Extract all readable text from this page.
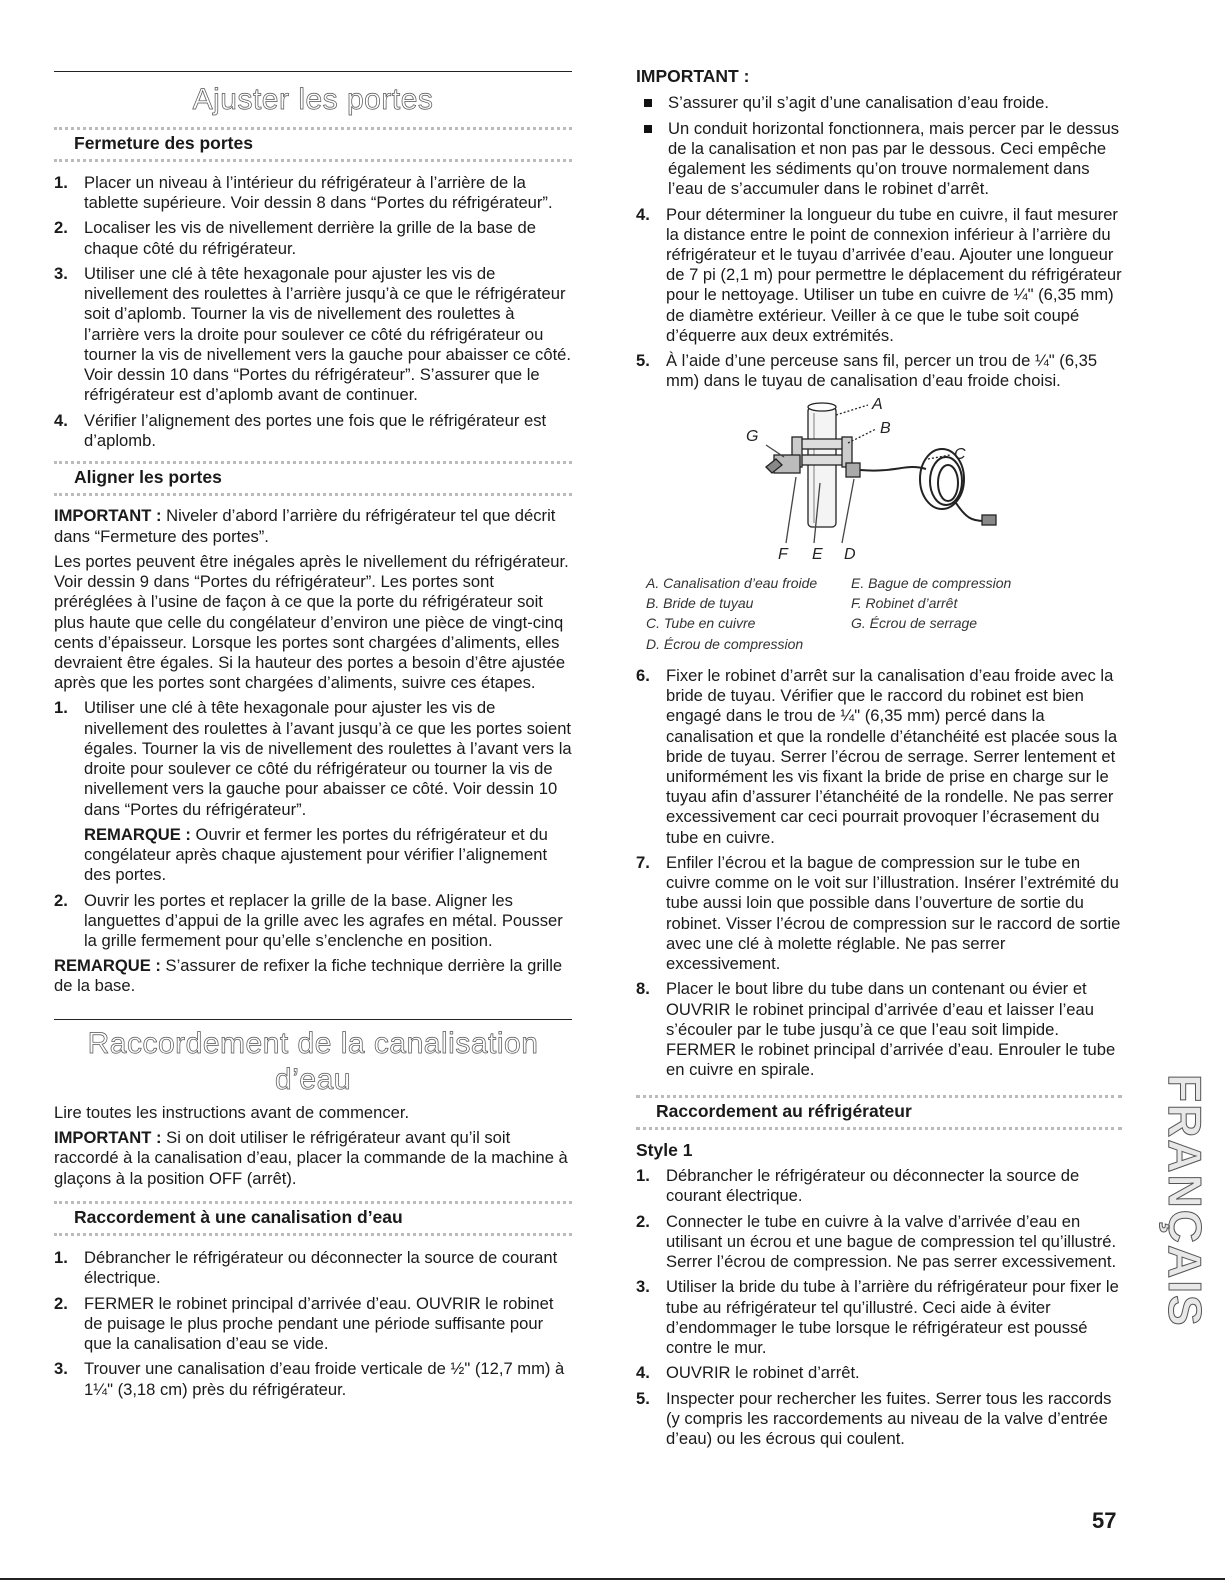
Ajuster les portes
Fermeture des portes
1. Placer un niveau à l’intérieur du réfrigérateur à l’arrière de la tablette supérieure. Voir dessin 8 dans “Portes du réfrigérateur”.
2. Localiser les vis de nivellement derrière la grille de la base de chaque côté du réfrigérateur.
3. Utiliser une clé à tête hexagonale pour ajuster les vis de nivellement des roulettes à l’arrière jusqu’à ce que le réfrigérateur soit d’aplomb. Tourner la vis de nivellement des roulettes à l’arrière vers la droite pour soulever ce côté du réfrigérateur ou tourner la vis de nivellement vers la gauche pour abaisser ce côté. Voir dessin 10 dans “Portes du réfrigérateur”. S’assurer que le réfrigérateur est d’aplomb avant de continuer.
4. Vérifier l’alignement des portes une fois que le réfrigérateur est d’aplomb.
Aligner les portes

IMPORTANT : Niveler d’abord l’arrière du réfrigérateur tel que décrit dans “Fermeture des portes”.

Les portes peuvent être inégales après le nivellement du réfrigérateur. Voir dessin 9 dans “Portes du réfrigérateur”. Les portes sont préréglées à l’usine de façon à ce que la porte du réfrigérateur soit plus haute que celle du congélateur d’environ une pièce de vingt-cinq cents d’épaisseur. Lorsque les portes sont chargées d’aliments, elles devraient être égales. Si la hauteur des portes a besoin d’être ajustée après que les portes sont chargées d’aliments, suivre ces étapes.

1. Utiliser une clé à tête hexagonale pour ajuster les vis de nivellement des roulettes à l’avant jusqu’à ce que les portes soient égales. Tourner la vis de nivellement des roulettes à l’avant vers la droite pour soulever ce côté du réfrigérateur ou tourner la vis de nivellement vers la gauche pour abaisser ce côté. Voir dessin 10 dans “Portes du réfrigérateur”.

REMARQUE : Ouvrir et fermer les portes du réfrigérateur et du congélateur après chaque ajustement pour vérifier l’alignement des portes.

2. Ouvrir les portes et replacer la grille de la base. Aligner les languettes d’appui de la grille avec les agrafes en métal. Pousser la grille fermement pour qu’elle s’enclenche en position.

REMARQUE : S’assurer de refixer la fiche technique derrière la grille de la base.

Raccordement de la canalisation d’eau

Lire toutes les instructions avant de commencer.

IMPORTANT : Si on doit utiliser le réfrigérateur avant qu’il soit raccordé à la canalisation d’eau, placer la commande de la machine à glaçons à la position OFF (arrêt).

Raccordement à une canalisation d’eau
1. Débrancher le réfrigérateur ou déconnecter la source de courant électrique.
2. FERMER le robinet principal d’arrivée d’eau. OUVRIR le robinet de puisage le plus proche pendant une période suffisante pour que la canalisation d’eau se vide.
3. Trouver une canalisation d’eau froide verticale de ½" (12,7 mm) à 1¼" (3,18 cm) près du réfrigérateur.

IMPORTANT :

S’assurer qu’il s’agit d’une canalisation d’eau froide.
Un conduit horizontal fonctionnera, mais percer par le dessus de la canalisation et non pas par le dessous. Ceci empêche également les sédiments qu’on trouve normalement dans l’eau de s’accumuler dans le robinet d’arrêt.
4. Pour déterminer la longueur du tube en cuivre, il faut mesurer la distance entre le point de connexion inférieur à l’arrière du réfrigérateur et le tuyau d’arrivée d’eau. Ajouter une longueur de 7 pi (2,1 m) pour permettre le déplacement du réfrigérateur pour le nettoyage. Utiliser un tube en cuivre de ¼" (6,35 mm) de diamètre extérieur. Veiller à ce que le tube soit coupé d’équerre aux deux extrémités.
5. À l’aide d’une perceuse sans fil, percer un trou de ¼" (6,35 mm) dans le tuyau de canalisation d’eau froide choisi.
A
B
C
D
E
F
G
A. Canalisation d’eau froide	E. Bague de compression
B. Bride de tuyau	F. Robinet d’arrêt
C. Tube en cuivre	G. Écrou de serrage
D. Écrou de compression
6. Fixer le robinet d’arrêt sur la canalisation d’eau froide avec la bride de tuyau. Vérifier que le raccord du robinet est bien engagé dans le trou de ¼" (6,35 mm) percé dans la canalisation et que la rondelle d’étanchéité est placée sous la bride de tuyau. Serrer l’écrou de serrage. Serrer lentement et uniformément les vis fixant la bride de prise en charge sur le tuyau afin d’assurer l’étanchéité de la rondelle. Ne pas serrer excessivement car ceci pourrait provoquer l’écrasement du tube en cuivre.
7. Enfiler l’écrou et la bague de compression sur le tube en cuivre comme on le voit sur l’illustration. Insérer l’extrémité du tube aussi loin que possible dans l’ouverture de sortie du robinet. Visser l’écrou de compression sur le raccord de sortie avec une clé à molette réglable. Ne pas serrer excessivement.
8. Placer le bout libre du tube dans un contenant ou évier et OUVRIR le robinet principal d’arrivée d’eau et laisser l’eau s’écouler par le tube jusqu’à ce que l’eau soit limpide. FERMER le robinet principal d’arrivée d’eau. Enrouler le tube en cuivre en spirale.
Raccordement au réfrigérateur

Style 1

1. Débrancher le réfrigérateur ou déconnecter la source de courant électrique.
2. Connecter le tube en cuivre à la valve d’arrivée d’eau en utilisant un écrou et une bague de compression tel qu’illustré. Serrer l’écrou de compression. Ne pas serrer excessivement.
3. Utiliser la bride du tube à l’arrière du réfrigérateur pour fixer le tube au réfrigérateur tel qu’illustré. Ceci aide à éviter d’endommager le tube lorsque le réfrigérateur est poussé contre le mur.
4. OUVRIR le robinet d’arrêt.
5. Inspecter pour rechercher les fuites. Serrer tous les raccords (y compris les raccordements au niveau de la valve d’entrée d’eau) ou les écrous qui coulent.
FRANÇAIS
57
